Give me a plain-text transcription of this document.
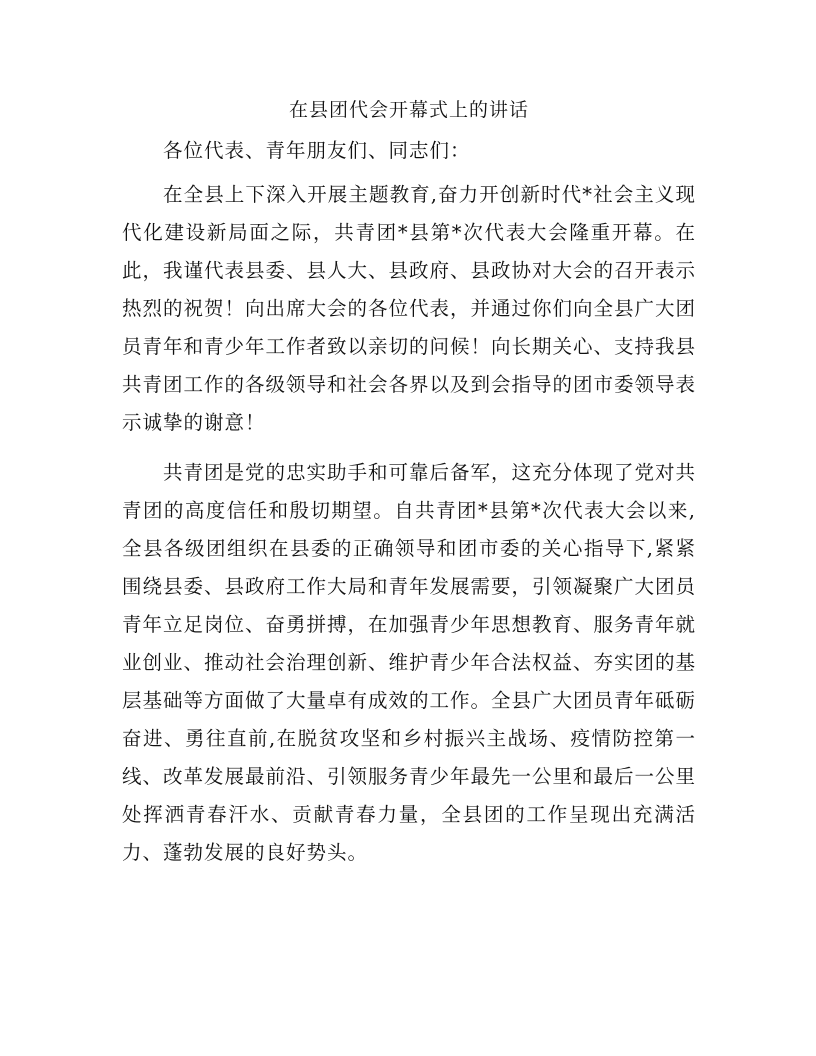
在县团代会开幕式上的讲话

各位代表、青年朋友们、同志们：

在全县上下深入开展主题教育,奋力开创新时代*社会主义现代化建设新局面之际，共青团*县第*次代表大会隆重开幕。在此，我谨代表县委、县人大、县政府、县政协对大会的召开表示热烈的祝贺！向出席大会的各位代表，并通过你们向全县广大团员青年和青少年工作者致以亲切的问候！向长期关心、支持我县共青团工作的各级领导和社会各界以及到会指导的团市委领导表示诚挚的谢意！

共青团是党的忠实助手和可靠后备军，这充分体现了党对共青团的高度信任和殷切期望。自共青团*县第*次代表大会以来,全县各级团组织在县委的正确领导和团市委的关心指导下,紧紧围绕县委、县政府工作大局和青年发展需要，引领凝聚广大团员青年立足岗位、奋勇拼搏，在加强青少年思想教育、服务青年就业创业、推动社会治理创新、维护青少年合法权益、夯实团的基层基础等方面做了大量卓有成效的工作。全县广大团员青年砥砺奋进、勇往直前,在脱贫攻坚和乡村振兴主战场、疫情防控第一线、改革发展最前沿、引领服务青少年最先一公里和最后一公里处挥洒青春汗水、贡献青春力量，全县团的工作呈现出充满活力、蓬勃发展的良好势头。
